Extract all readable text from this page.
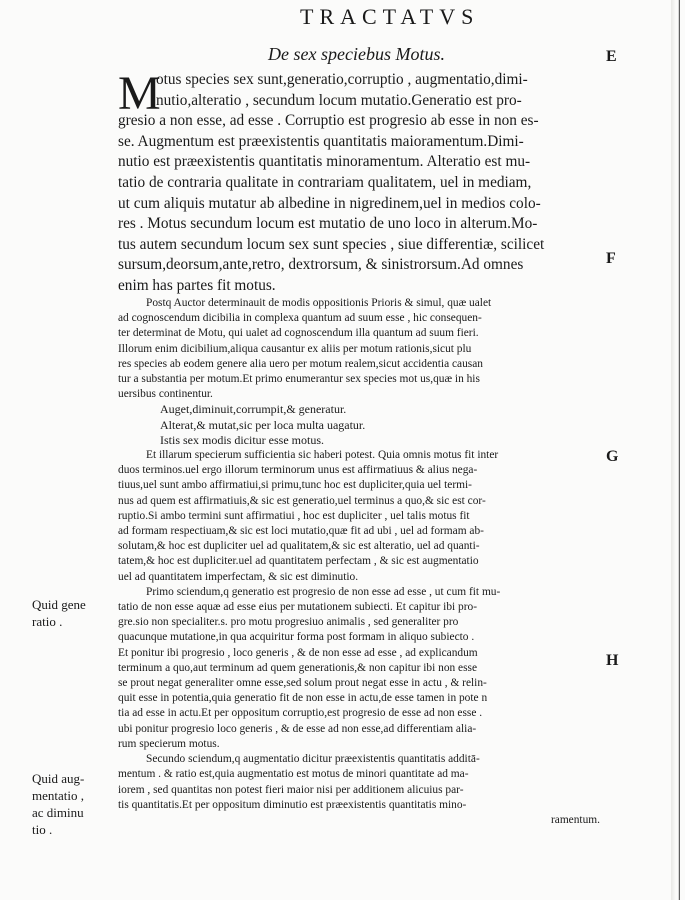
TRACTATVS

De sex speciebus Motus.	E
F
G
H
M
otus species sex sunt,generatio,corruptio , augmentatio,dimi-
nutio,alteratio , secundum locum mutatio.Generatio est pro-
gresio a non esse, ad esse . Corruptio est progresio ab esse in non es-
se. Augmentum est præexistentis quantitatis maioramentum.Dimi-
nutio est præexistentis quantitatis minoramentum. Alteratio est mu-
tatio de contraria qualitate in contrariam qualitatem, uel in mediam,
ut cum aliquis mutatur ab albedine in nigredinem,uel in medios colo-
res . Motus secundum locum est mutatio de uno loco in alterum.Mo-
tus autem secundum locum sex sunt species , siue differentiæ, scilicet
sursum,deorsum,ante,retro, dextrorsum, & sinistrorsum.Ad omnes
enim has partes fit motus.
Postq Auctor determinauit de modis oppositionis Prioris & simul, quæ ualet
ad cognoscendum dicibilia in complexa quantum ad suum esse , hic consequen-
ter determinat de Motu, qui ualet ad cognoscendum illa quantum ad suum fieri.
Illorum enim dicibilium,aliqua causantur ex aliis per motum rationis,sicut plu
res species ab eodem genere alia uero per motum realem,sicut accidentia causan
tur a substantia per motum.Et primo enumerantur sex species mot us,quæ in his
uersibus continentur.
Auget,diminuit,corrumpit,& generatur.
Alterat,& mutat,sic per loca multa uagatur.
Istis sex modis dicitur esse motus.
Et illarum specierum sufficientia sic haberi potest. Quia omnis motus fit inter
duos terminos.uel ergo illorum terminorum unus est affirmatiuus & alius nega-
tiuus,uel sunt ambo affirmatiui,si primu,tunc hoc est dupliciter,quia uel termi-
nus ad quem est affirmatiuis,& sic est generatio,uel terminus a quo,& sic est cor-
ruptio.Si ambo termini sunt affirmatiui , hoc est dupliciter , uel talis motus fit
ad formam respectiuam,& sic est loci mutatio,quæ fit ad ubi , uel ad formam ab-
solutam,& hoc est dupliciter uel ad qualitatem,& sic est alteratio, uel ad quanti-
tatem,& hoc est dupliciter.uel ad quantitatem perfectam , & sic est augmentatio
uel ad quantitatem imperfectam, & sic est diminutio.
Primo sciendum,q generatio est progresio de non esse ad esse , ut cum fit mu-
tatio de non esse aquæ ad esse eius per mutationem subiecti. Et capitur ibi pro-
gre.sio non specialiter.s. pro motu progresiuo animalis , sed generaliter pro
quacunque mutatione,in qua acquiritur forma post formam in aliquo subiecto .
Et ponitur ibi progresio , loco generis , & de non esse ad esse , ad explicandum
terminum a quo,aut terminum ad quem generationis,& non capitur ibi non esse
se prout negat generaliter omne esse,sed solum prout negat esse in actu , & relin-
quit esse in potentia,quia generatio fit de non esse in actu,de esse tamen in pote n
tia ad esse in actu.Et per oppositum corruptio,est progresio de esse ad non esse .
ubi ponitur progresio loco generis , & de esse ad non esse,ad differentiam alia-
rum specierum motus.
Secundo sciendum,q augmentatio dicitur præexistentis quantitatis additā-
mentum . & ratio est,quia augmentatio est motus de minori quantitate ad ma-
iorem , sed quantitas non potest fieri maior nisi per additionem alicuius par-
tis quantitatis.Et per oppositum diminutio est præexistentis quantitatis mino-
ramentum.
Quid gene
ratio .
Quid aug-
mentatio ,
ac diminu
tio .
